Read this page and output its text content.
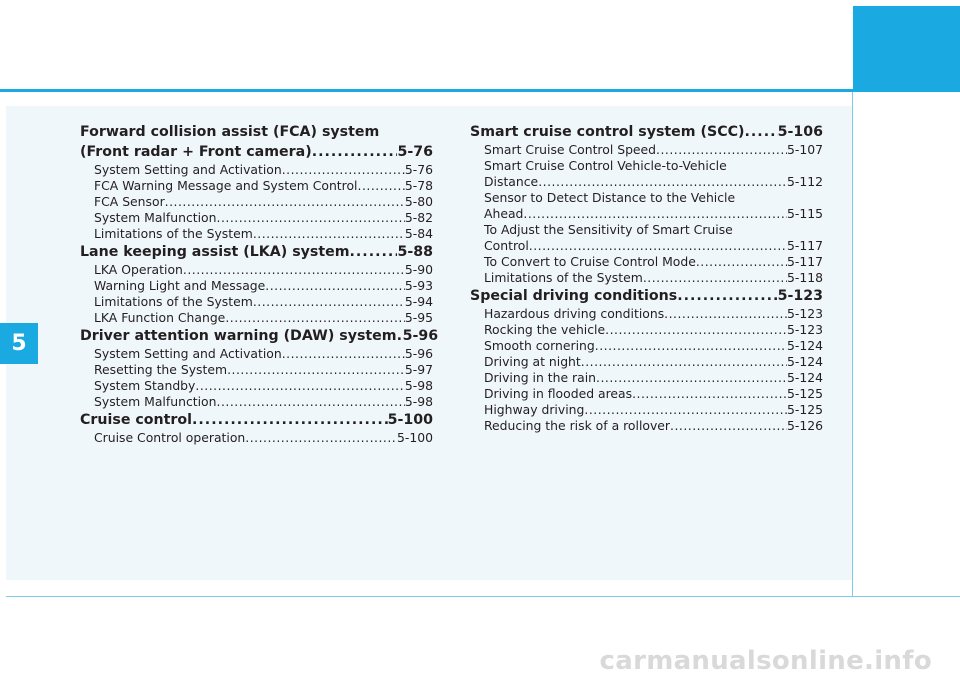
5
Forward collision assist (FCA) system
(Front radar + Front camera) .....	5-76
System Setting and Activation .....	5-76
FCA Warning Message and System Control .....	5-78
FCA Sensor .....	5-80
System Malfunction .....	5-82
Limitations of the System .....	5-84
Lane keeping assist (LKA) system .....	5-88
LKA Operation .....	5-90
Warning Light and Message .....	5-93
Limitations of the System .....	5-94
LKA Function Change .....	5-95
Driver attention warning (DAW) system ..... 5-96
System Setting and Activation .....	5-96
Resetting the System .....	5-97
System Standby .....	5-98
System Malfunction .....	5-98
Cruise control .....	5-100
Cruise Control operation .....	5-100
Smart cruise control system (SCC) ..... 5-106
Smart Cruise Control Speed .....	5-107
Smart Cruise Control Vehicle-to-Vehicle
Distance .....	5-112
Sensor to Detect Distance to the Vehicle
Ahead .....	5-115
To Adjust the Sensitivity of Smart Cruise
Control .....	5-117
To Convert to Cruise Control Mode .....	5-117
Limitations of the System .....	5-118
Special driving conditions .....	5-123
Hazardous driving conditions .....	5-123
Rocking the vehicle .....	5-123
Smooth cornering .....	5-124
Driving at night .....	5-124
Driving in the rain .....	5-124
Driving in flooded areas .....	5-125
Highway driving .....	5-125
Reducing the risk of a rollover .....	5-126
carmanualsonline.info
